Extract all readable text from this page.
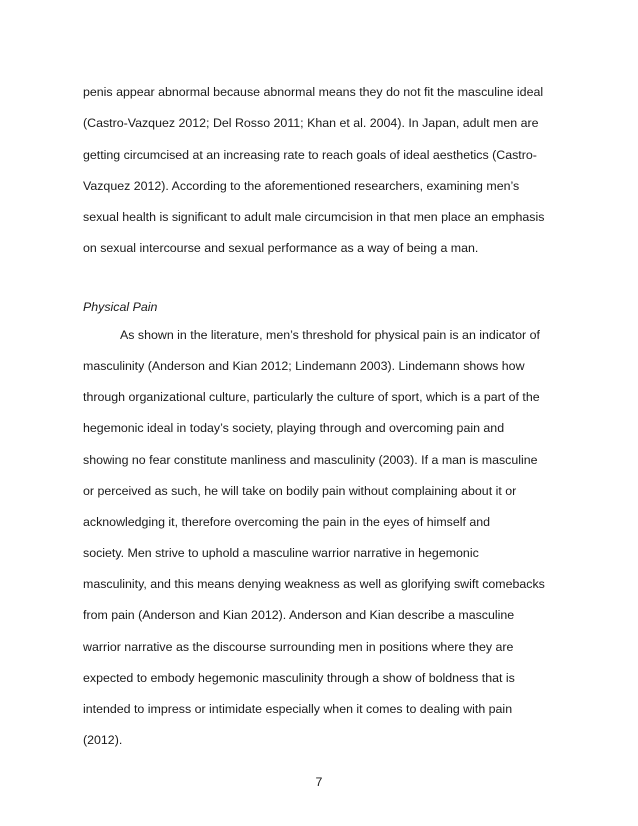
penis appear abnormal because abnormal means they do not fit the masculine ideal
(Castro-Vazquez 2012; Del Rosso 2011; Khan et al. 2004). In Japan, adult men are
getting circumcised at an increasing rate to reach goals of ideal aesthetics (Castro-
Vazquez 2012). According to the aforementioned researchers, examining men’s
sexual health is significant to adult male circumcision in that men place an emphasis
on sexual intercourse and sexual performance as a way of being a man.
Physical Pain
As shown in the literature, men’s threshold for physical pain is an indicator of
masculinity (Anderson and Kian 2012; Lindemann 2003). Lindemann shows how
through organizational culture, particularly the culture of sport, which is a part of the
hegemonic ideal in today’s society, playing through and overcoming pain and
showing no fear constitute manliness and masculinity (2003). If a man is masculine
or perceived as such, he will take on bodily pain without complaining about it or
acknowledging it, therefore overcoming the pain in the eyes of himself and
society. Men strive to uphold a masculine warrior narrative in hegemonic
masculinity, and this means denying weakness as well as glorifying swift comebacks
from pain (Anderson and Kian 2012). Anderson and Kian describe a masculine
warrior narrative as the discourse surrounding men in positions where they are
expected to embody hegemonic masculinity through a show of boldness that is
intended to impress or intimidate especially when it comes to dealing with pain
(2012).
7
